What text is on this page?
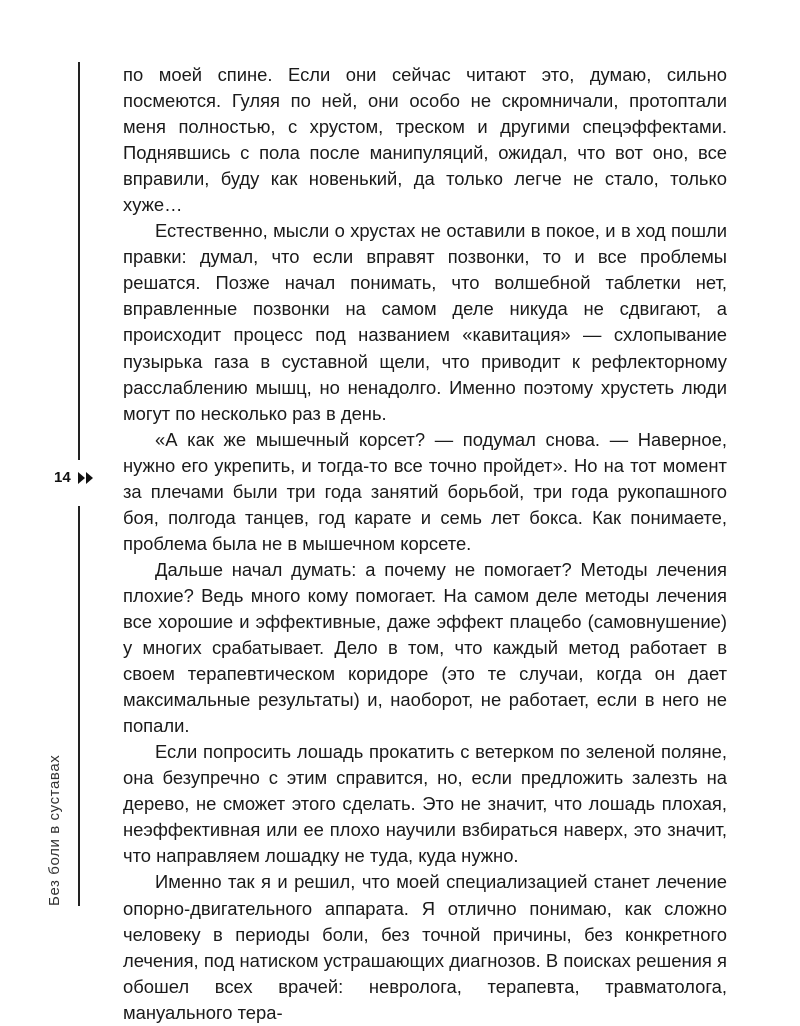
14
Без боли в суставах

по моей спине. Если они сейчас читают это, думаю, сильно посмеются. Гуляя по ней, они особо не скромничали, протоптали меня полностью, с хрустом, треском и другими спецэффектами. Поднявшись с пола после манипуляций, ожидал, что вот оно, все вправили, буду как новенький, да только легче не стало, только хуже…

Естественно, мысли о хрустах не оставили в покое, и в ход пошли правки: думал, что если вправят позвонки, то и все проблемы решатся. Позже начал понимать, что волшебной таблетки нет, вправленные позвонки на самом деле никуда не сдвигают, а происходит процесс под названием «кавитация» — схлопывание пузырька газа в суставной щели, что приводит к рефлекторному расслаблению мышц, но ненадолго. Именно поэтому хрустеть люди могут по несколько раз в день.

«А как же мышечный корсет? — подумал снова. — Наверное, нужно его укрепить, и тогда-то все точно пройдет». Но на тот момент за плечами были три года занятий борьбой, три года рукопашного боя, полгода танцев, год карате и семь лет бокса. Как понимаете, проблема была не в мышечном корсете.

Дальше начал думать: а почему не помогает? Методы лечения плохие? Ведь много кому помогает. На самом деле методы лечения все хорошие и эффективные, даже эффект плацебо (самовнушение) у многих срабатывает. Дело в том, что каждый метод работает в своем терапевтическом коридоре (это те случаи, когда он дает максимальные результаты) и, наоборот, не работает, если в него не попали.

Если попросить лошадь прокатить с ветерком по зеленой поляне, она безупречно с этим справится, но, если предложить залезть на дерево, не сможет этого сделать. Это не значит, что лошадь плохая, неэффективная или ее плохо научили взбираться наверх, это значит, что направляем лошадку не туда, куда нужно.

Именно так я и решил, что моей специализацией станет лечение опорно-двигательного аппарата. Я отлично понимаю, как сложно человеку в периоды боли, без точной причины, без конкретного лечения, под натиском устрашающих диагнозов. В поисках решения я обошел всех врачей: невролога, терапевта, травматолога, мануального тера-
